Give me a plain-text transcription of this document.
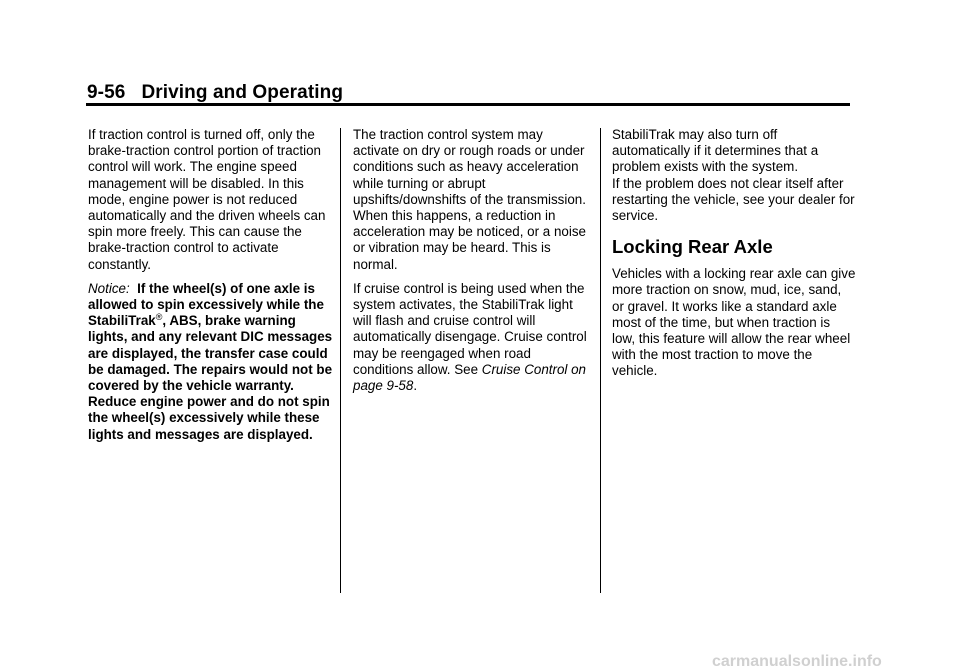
9-56 Driving and Operating

If traction control is turned off, only the brake-traction control portion of traction control will work. The engine speed management will be disabled. In this mode, engine power is not reduced automatically and the driven wheels can spin more freely. This can cause the brake-traction control to activate constantly.

Notice: If the wheel(s) of one axle is allowed to spin excessively while the StabiliTrak®, ABS, brake warning lights, and any relevant DIC messages are displayed, the transfer case could be damaged. The repairs would not be covered by the vehicle warranty. Reduce engine power and do not spin the wheel(s) excessively while these lights and messages are displayed.

The traction control system may activate on dry or rough roads or under conditions such as heavy acceleration while turning or abrupt upshifts/downshifts of the transmission.

When this happens, a reduction in acceleration may be noticed, or a noise or vibration may be heard. This is normal.

If cruise control is being used when the system activates, the StabiliTrak light will flash and cruise control will automatically disengage. Cruise control may be reengaged when road conditions allow. See Cruise Control on page 9-58.

StabiliTrak may also turn off automatically if it determines that a problem exists with the system.

If the problem does not clear itself after restarting the vehicle, see your dealer for service.

Locking Rear Axle

Vehicles with a locking rear axle can give more traction on snow, mud, ice, sand, or gravel. It works like a standard axle most of the time, but when traction is low, this feature will allow the rear wheel with the most traction to move the vehicle.

carmanualsonline.info
